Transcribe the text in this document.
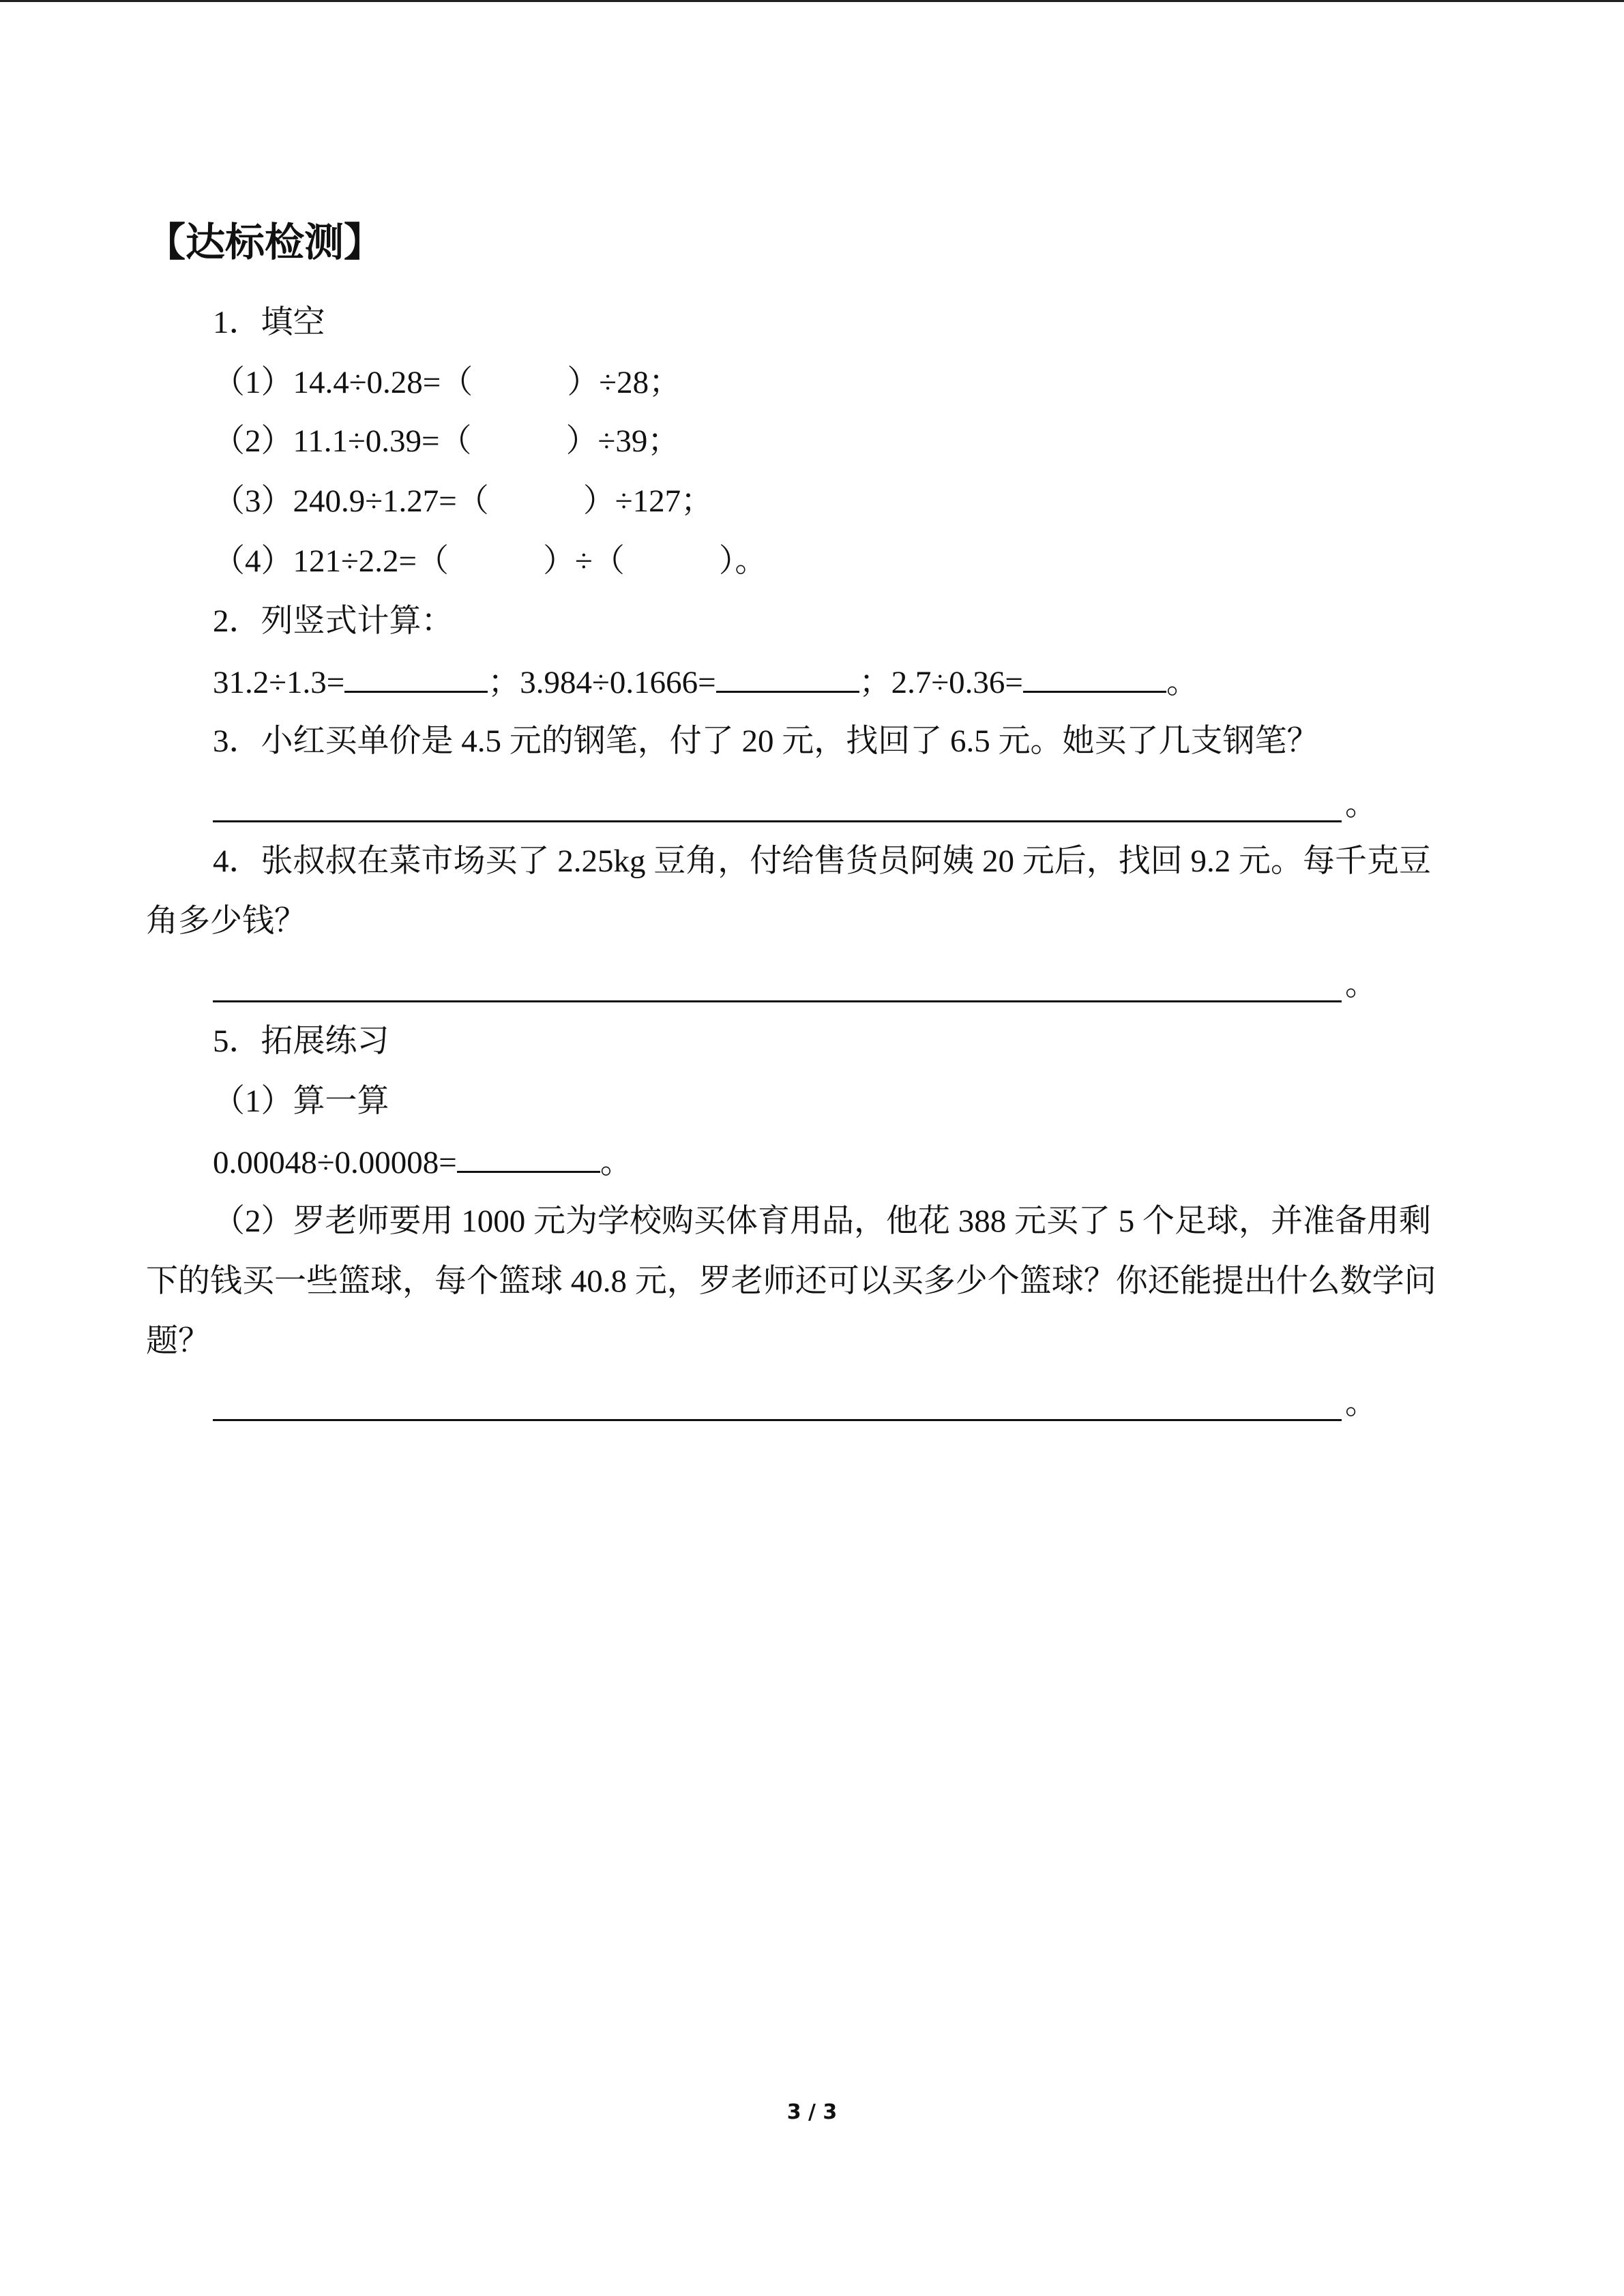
【达标检测】
1．填空
（1）14.4÷0.28=（	）÷28；
（2）11.1÷0.39=（	）÷39；
（3）240.9÷1.27=（	）÷127；
（4）121÷2.2=（	）÷（	）。
2．列竖式计算：
31.2÷1.3=	；3.984÷0.1666=	；2.7÷0.36=	。
3．小红买单价是 4.5 元的钢笔，付了 20 元，找回了 6.5 元。她买了几支钢笔？
。
4．张叔叔在菜市场买了 2.25kg 豆角，付给售货员阿姨 20 元后，找回 9.2 元。每千克豆
角多少钱？
。
5．拓展练习
（1）算一算
0.00048÷0.00008=	。
（2）罗老师要用 1000 元为学校购买体育用品，他花 388 元买了 5 个足球，并准备用剩
下的钱买一些篮球，每个篮球 40.8 元，罗老师还可以买多少个篮球？你还能提出什么数学问
题？
。
3 / 3
